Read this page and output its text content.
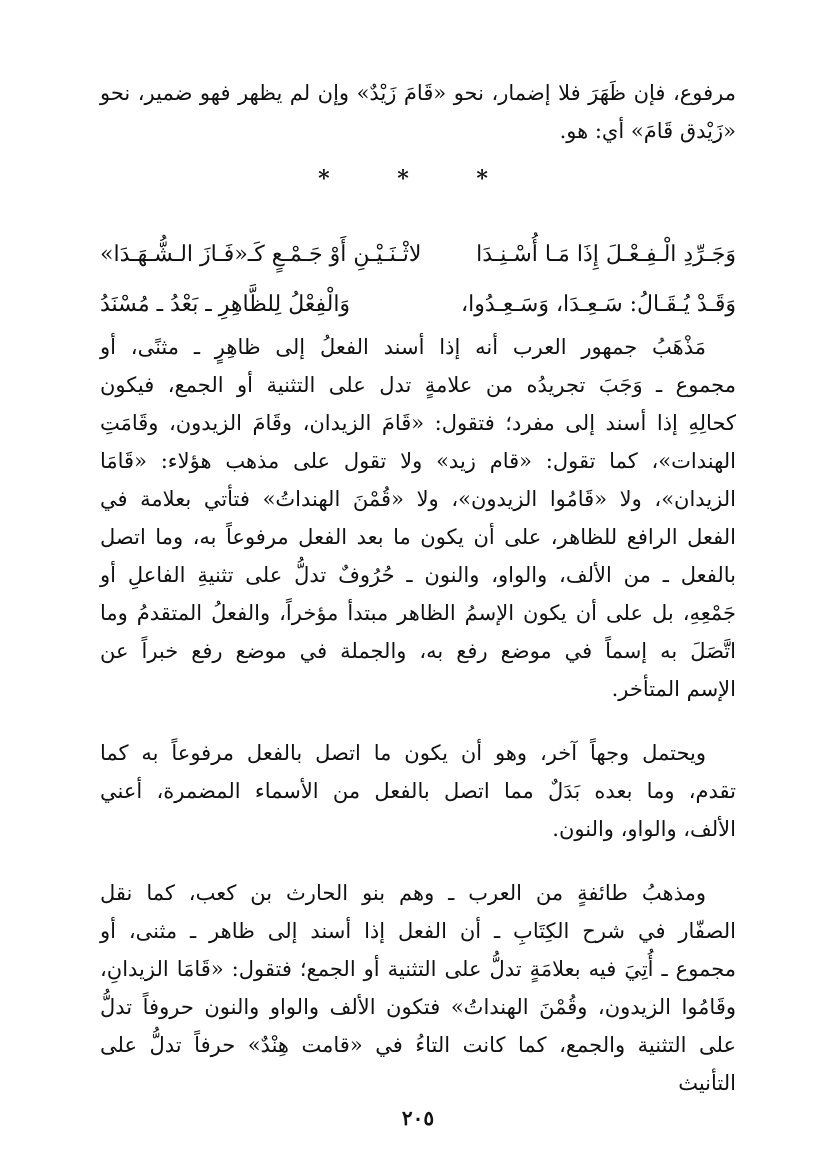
مرفوع، فإن ظَهَرَ فلا إضمار، نحو «قَامَ زَيْدٌ» وإن لم يظهر فهو ضمير، نحو
«زَيْدق قَامَ» أي: هو.
* * *
وَجَـرِّدِ الْـفِـعْـلَ إِذَا مَـا أُسْـنِـدَا
لاثْـنَـيْـنِ أَوْ جَـمْـعٍ كَـ«فَـازَ الـشُّـهَـدَا»
وَقَـدْ يُـقَـالُ: سَـعِـدَا، وَسَـعِـدُوا،
وَالْفِعْلُ لِلظَّاهِرِ ـ بَعْدُ ـ مُسْنَدُ
مَذْهَبُ جمهور العرب أنه إذا أسند الفعلُ إلى ظاهِرٍ ـ مثنًى، أو
مجموع ـ وَجَبَ تجريدُه من علامةٍ تدل على التثنية أو الجمع، فيكون
كحالِهِ إذا أسند إلى مفرد؛ فتقول: «قَامَ الزيدان، وقَامَ الزيدون، وقَامَتِ
الهندات»، كما تقول: «قام زيد» ولا تقول على مذهب هؤلاء: «قَامَا
الزيدان»، ولا «قَامُوا الزيدون»، ولا «قُمْنَ الهنداتُ» فتأتي بعلامة في
الفعل الرافع للظاهر، على أن يكون ما بعد الفعل مرفوعاً به، وما اتصل
بالفعل ـ من الألف، والواو، والنون ـ حُرُوفٌ تدلُّ على تثنيةِ الفاعلِ أو
جَمْعِهِ، بل على أن يكون الإسمُ الظاهر مبتدأ مؤخراً، والفعلُ المتقدمُ وما
اتَّصَلَ به إسماً في موضع رفع به، والجملة في موضع رفع خبراً عن
الإسم المتأخر.
ويحتمل وجهاً آخر، وهو أن يكون ما اتصل بالفعل مرفوعاً به كما
تقدم، وما بعده بَدَلٌ مما اتصل بالفعل من الأسماء المضمرة، أعني
الألف، والواو، والنون.
ومذهبُ طائفةٍ من العرب ـ وهم بنو الحارث بن كعب، كما نقل
الصفّار في شرح الكِتَابِ ـ أن الفعل إذا أسند إلى ظاهر ـ مثنى، أو
مجموع ـ أُتِيَ فيه بعلامَةٍ تدلُّ على التثنية أو الجمع؛ فتقول: «قَامَا الزيدانِ،
وقَامُوا الزيدون، وقُمْنَ الهنداتُ» فتكون الألف والواو والنون حروفاً تدلُّ
على التثنية والجمع، كما كانت التاءُ في «قامت هِنْدٌ» حرفاً تدلُّ على التأنيث
٢٠٥
